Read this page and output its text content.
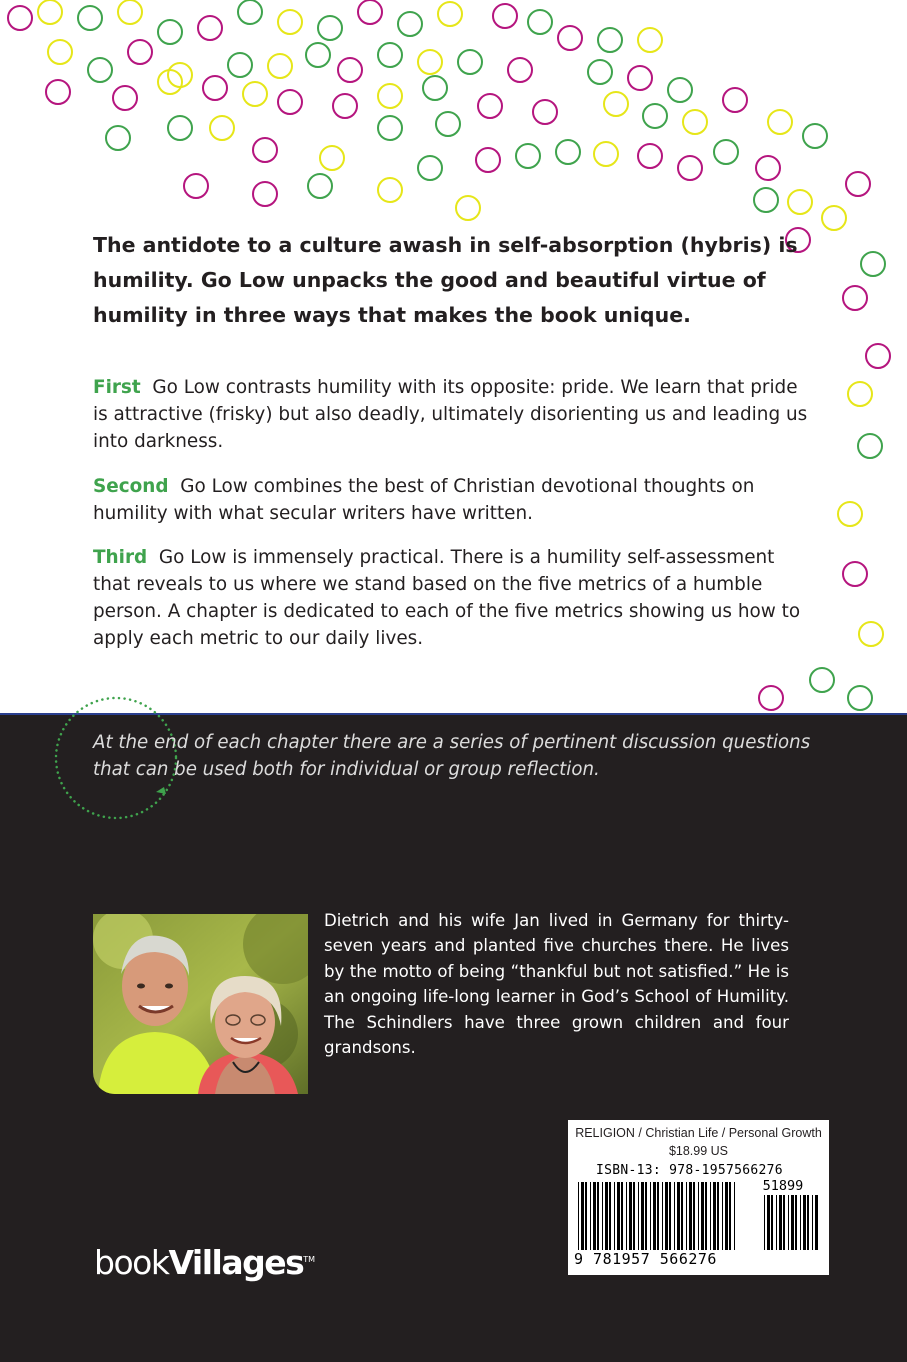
The antidote to a culture awash in self-absorption (hybris) is humility. Go Low unpacks the good and beautiful virtue of humility in three ways that makes the book unique.

First Go Low contrasts humility with its opposite: pride. We learn that pride is attractive (frisky) but also deadly, ultimately disorienting us and leading us into darkness.

Second Go Low combines the best of Christian devotional thoughts on humility with what secular writers have written.

Third Go Low is immensely practical. There is a humility self-assessment that reveals to us where we stand based on the five metrics of a humble person. A chapter is dedicated to each of the five metrics showing us how to apply each metric to our daily lives.

At the end of each chapter there are a series of pertinent discussion questions that can be used both for individual or group reflection.

Dietrich and his wife Jan lived in Germany for thirty-seven years and planted five churches there. He lives by the motto of being “thankful but not satisfied.” He is an ongoing life-long learner in God’s School of Humility. The Schindlers have three grown children and four grandsons.

RELIGION / Christian Life / Personal Growth
$18.99 US
ISBN-13: 978-1957566276
51899
9 781957 566276
bookVillages™
